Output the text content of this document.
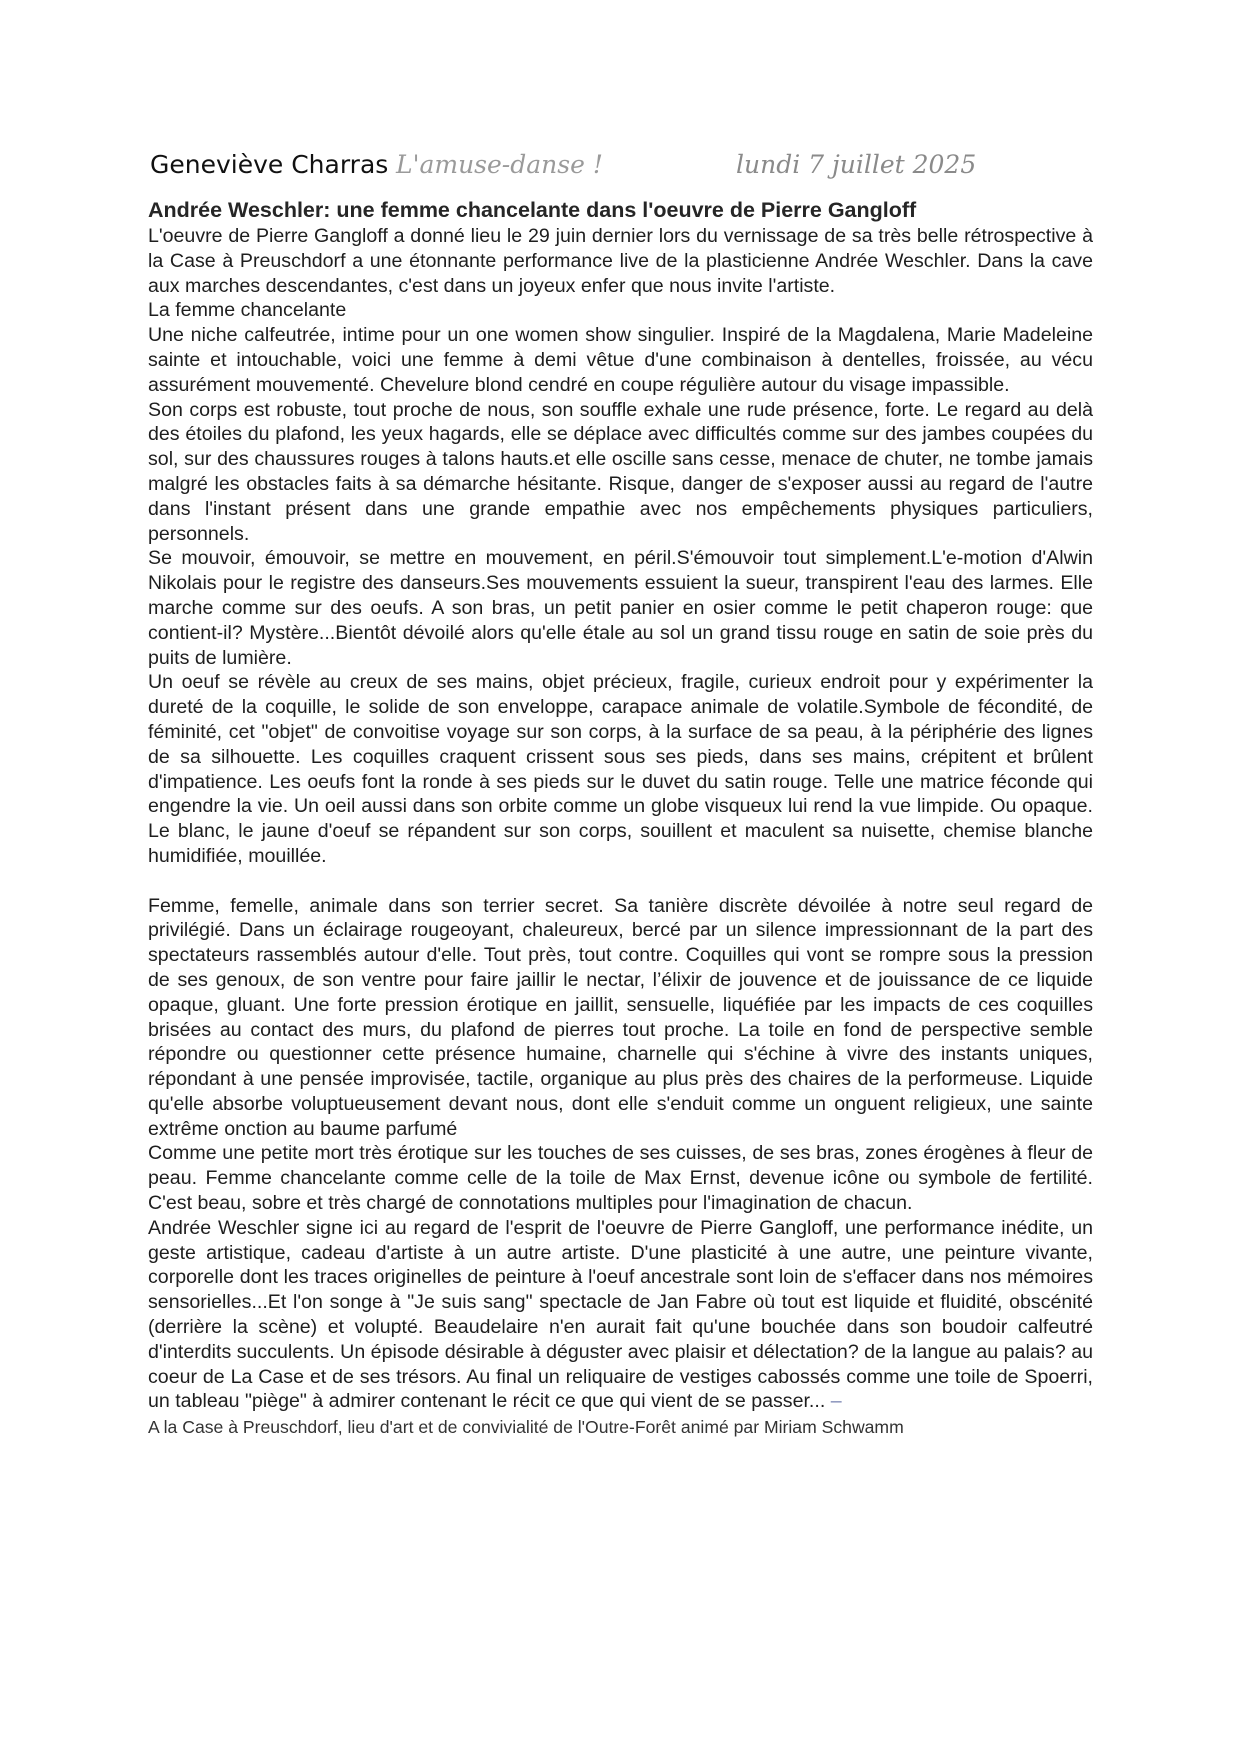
Geneviève Charras L'amuse-danse !	lundi 7 juillet 2025
Andrée Weschler: une femme chancelante dans l'oeuvre de Pierre Gangloff

L'oeuvre de Pierre Gangloff a donné lieu le 29 juin dernier lors du vernissage de sa très belle rétrospective à la Case à Preuschdorf a une étonnante performance live de la plasticienne Andrée Weschler. Dans la cave aux marches descendantes, c'est dans un joyeux enfer que nous invite l'artiste.

La femme chancelante

Une niche calfeutrée, intime pour un one women show singulier. Inspiré de la Magdalena, Marie Madeleine sainte et intouchable, voici une femme à demi vêtue d'une combinaison à dentelles, froissée, au vécu assurément mouvementé. Chevelure blond cendré en coupe régulière autour du visage impassible.

Son corps est robuste, tout proche de nous, son souffle exhale une rude présence, forte. Le regard au delà des étoiles du plafond, les yeux hagards, elle se déplace avec difficultés comme sur des jambes coupées du sol, sur des chaussures rouges à talons hauts.et elle oscille sans cesse, menace de chuter, ne tombe jamais malgré les obstacles faits à sa démarche hésitante. Risque, danger de s'exposer aussi au regard de l'autre dans l'instant présent dans une grande empathie avec nos empêchements physiques particuliers, personnels.

Se mouvoir, émouvoir, se mettre en mouvement, en péril.S'émouvoir tout simplement.L'e-motion d'Alwin Nikolais pour le registre des danseurs.Ses mouvements essuient la sueur, transpirent l'eau des larmes. Elle marche comme sur des oeufs. A son bras, un petit panier en osier comme le petit chaperon rouge: que contient-il? Mystère...Bientôt dévoilé alors qu'elle étale au sol un grand tissu rouge en satin de soie près du puits de lumière.

Un oeuf se révèle au creux de ses mains, objet précieux, fragile, curieux endroit pour y expérimenter la dureté de la coquille, le solide de son enveloppe, carapace animale de volatile.Symbole de fécondité, de féminité, cet "objet" de convoitise voyage sur son corps, à la surface de sa peau, à la périphérie des lignes de sa silhouette. Les coquilles craquent crissent sous ses pieds, dans ses mains, crépitent et brûlent d'impatience. Les oeufs font la ronde à ses pieds sur le duvet du satin rouge. Telle une matrice féconde qui engendre la vie. Un oeil aussi dans son orbite comme un globe visqueux lui rend la vue limpide. Ou opaque. Le blanc, le jaune d'oeuf se répandent sur son corps, souillent et maculent sa nuisette, chemise blanche humidifiée, mouillée.

Femme, femelle, animale dans son terrier secret. Sa tanière discrète dévoilée à notre seul regard de privilégié. Dans un éclairage rougeoyant, chaleureux, bercé par un silence impressionnant de la part des spectateurs rassemblés autour d'elle. Tout près, tout contre. Coquilles qui vont se rompre sous la pression de ses genoux, de son ventre pour faire jaillir le nectar, l’élixir de jouvence et de jouissance de ce liquide opaque, gluant. Une forte pression érotique en jaillit, sensuelle, liquéfiée par les impacts de ces coquilles brisées au contact des murs, du plafond de pierres tout proche. La toile en fond de perspective semble répondre ou questionner cette présence humaine, charnelle qui s'échine à vivre des instants uniques, répondant à une pensée improvisée, tactile, organique au plus près des chaires de la performeuse. Liquide qu'elle absorbe voluptueusement devant nous, dont elle s'enduit comme un onguent religieux, une sainte extrême onction au baume parfumé

Comme une petite mort très érotique sur les touches de ses cuisses, de ses bras, zones érogènes à fleur de peau. Femme chancelante comme celle de la toile de Max Ernst, devenue icône ou symbole de fertilité. C'est beau, sobre et très chargé de connotations multiples pour l'imagination de chacun.

Andrée Weschler signe ici au regard de l'esprit de l'oeuvre de Pierre Gangloff, une performance inédite, un geste artistique, cadeau d'artiste à un autre artiste. D'une plasticité à une autre, une peinture vivante, corporelle dont les traces originelles de peinture à l'oeuf ancestrale sont loin de s'effacer dans nos mémoires sensorielles...Et l'on songe à "Je suis sang" spectacle de Jan Fabre où tout est liquide et fluidité, obscénité (derrière la scène) et volupté. Beaudelaire n'en aurait fait qu'une bouchée dans son boudoir calfeutré d'interdits succulents. Un épisode désirable à déguster avec plaisir et délectation? de la langue au palais? au coeur de La Case et de ses trésors. Au final un reliquaire de vestiges cabossés comme une toile de Spoerri, un tableau "piège" à admirer contenant le récit ce que qui vient de se passer... –

A la Case à Preuschdorf, lieu d'art et de convivialité de l'Outre-Forêt animé par Miriam Schwamm
